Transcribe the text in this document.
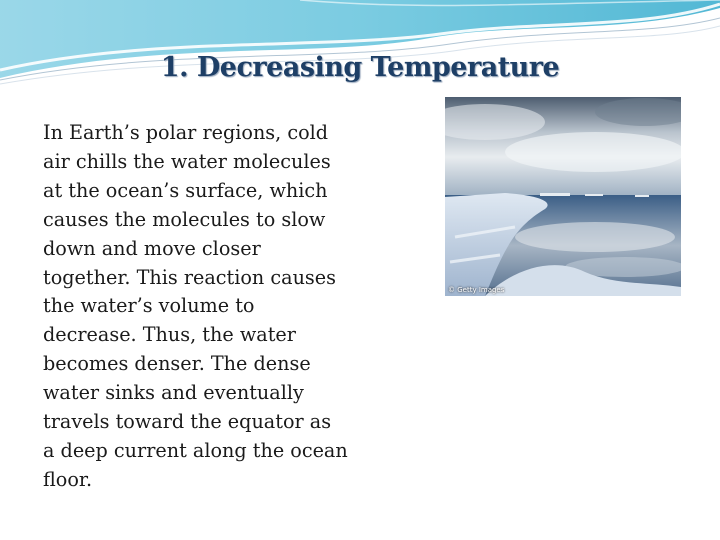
1. Decreasing Temperature

In Earth’s polar regions, cold
air chills the water molecules
at the ocean’s surface, which
causes the molecules to slow
down and move closer
together. This reaction causes
the water’s volume to
decrease. Thus, the water
becomes denser. The dense
water sinks and eventually
travels toward the equator as
a deep current along the ocean
floor.

© Getty Images
